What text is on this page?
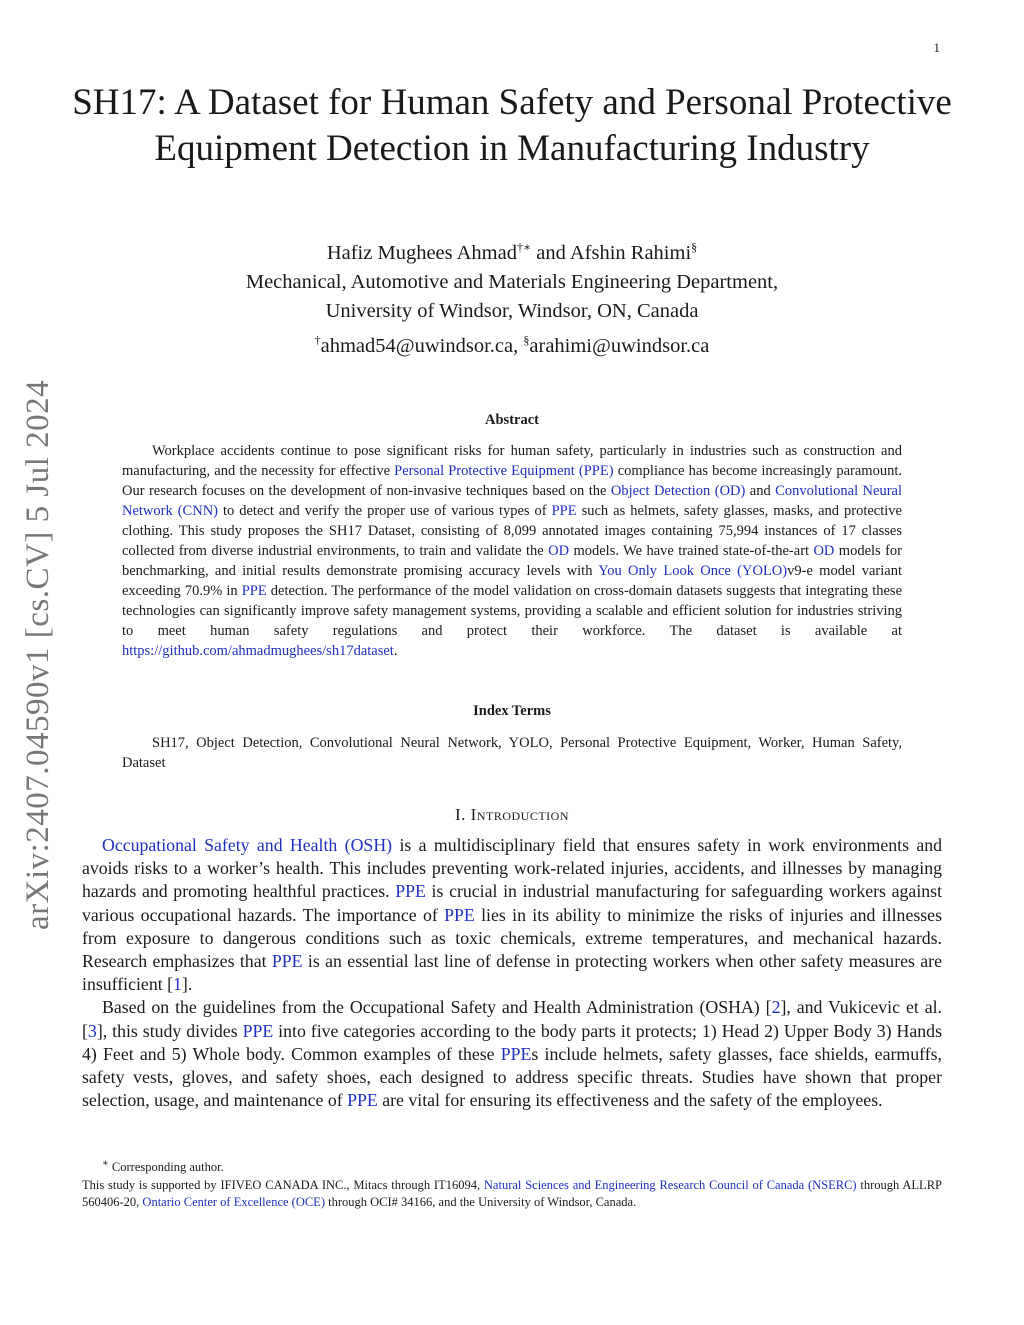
1
arXiv:2407.04590v1 [cs.CV] 5 Jul 2024
SH17: A Dataset for Human Safety and Personal Protective Equipment Detection in Manufacturing Industry
Hafiz Mughees Ahmad†∗ and Afshin Rahimi§
Mechanical, Automotive and Materials Engineering Department,
University of Windsor, Windsor, ON, Canada
†ahmad54@uwindsor.ca, §arahimi@uwindsor.ca
Abstract
Workplace accidents continue to pose significant risks for human safety, particularly in industries such as construction and manufacturing, and the necessity for effective Personal Protective Equipment (PPE) compliance has become increasingly paramount. Our research focuses on the development of non-invasive techniques based on the Object Detection (OD) and Convolutional Neural Network (CNN) to detect and verify the proper use of various types of PPE such as helmets, safety glasses, masks, and protective clothing. This study proposes the SH17 Dataset, consisting of 8,099 annotated images containing 75,994 instances of 17 classes collected from diverse industrial environments, to train and validate the OD models. We have trained state-of-the-art OD models for benchmarking, and initial results demonstrate promising accuracy levels with You Only Look Once (YOLO)v9-e model variant exceeding 70.9% in PPE detection. The performance of the model validation on cross-domain datasets suggests that integrating these technologies can significantly improve safety management systems, providing a scalable and efficient solution for industries striving to meet human safety regulations and protect their workforce. The dataset is available at https://github.com/ahmadmughees/sh17dataset.
Index Terms
SH17, Object Detection, Convolutional Neural Network, YOLO, Personal Protective Equipment, Worker, Human Safety, Dataset
I. Introduction

Occupational Safety and Health (OSH) is a multidisciplinary field that ensures safety in work environments and avoids risks to a worker’s health. This includes preventing work-related injuries, accidents, and illnesses by managing hazards and promoting healthful practices. PPE is crucial in industrial manufacturing for safeguarding workers against various occupational hazards. The importance of PPE lies in its ability to minimize the risks of injuries and illnesses from exposure to dangerous conditions such as toxic chemicals, extreme temperatures, and mechanical hazards. Research emphasizes that PPE is an essential last line of defense in protecting workers when other safety measures are insufficient [1].

Based on the guidelines from the Occupational Safety and Health Administration (OSHA) [2], and Vukicevic et al. [3], this study divides PPE into five categories according to the body parts it protects; 1) Head 2) Upper Body 3) Hands 4) Feet and 5) Whole body. Common examples of these PPEs include helmets, safety glasses, face shields, earmuffs, safety vests, gloves, and safety shoes, each designed to address specific threats. Studies have shown that proper selection, usage, and maintenance of PPE are vital for ensuring its effectiveness and the safety of the employees.

∗ Corresponding author.

This study is supported by IFIVEO CANADA INC., Mitacs through IT16094, Natural Sciences and Engineering Research Council of Canada (NSERC) through ALLRP 560406-20, Ontario Center of Excellence (OCE) through OCI# 34166, and the University of Windsor, Canada.
